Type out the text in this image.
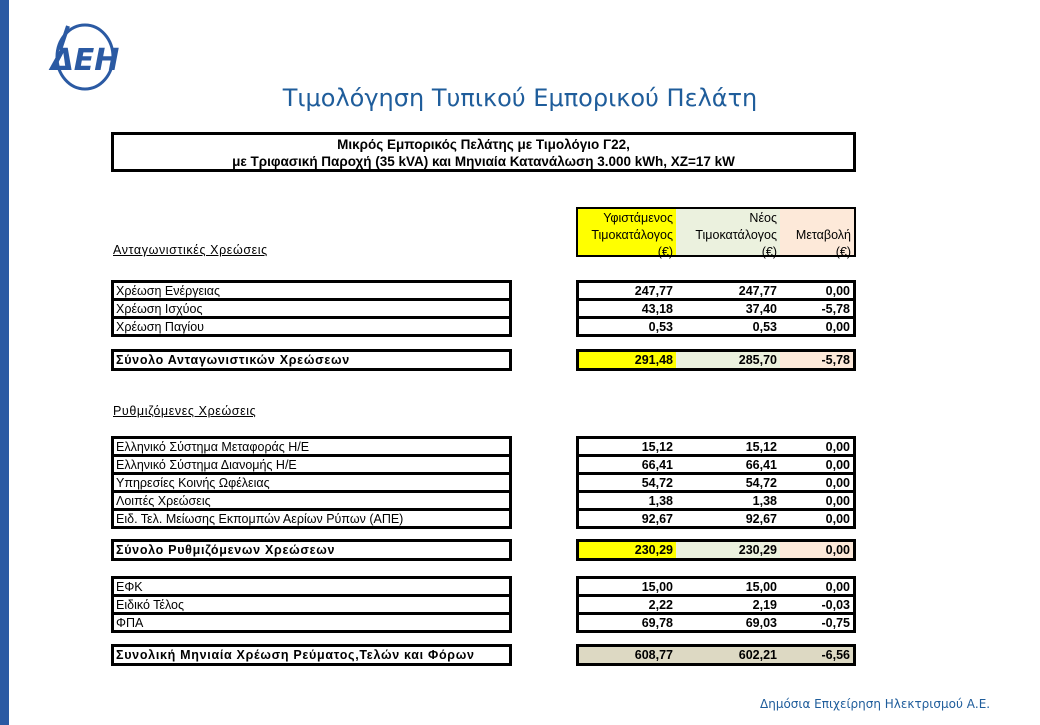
ΔΕΗ
Τιμολόγηση Τυπικού Εμπορικού Πελάτη
Μικρός Εμπορικός Πελάτης με Τιμολόγιο Γ22,
με Τριφασική Παροχή (35 kVA) και Μηνιαία Κατανάλωση 3.000 kWh, XZ=17 kW
Υφιστάμενος
Τιμοκατάλογος
(€)
Νέος
Τιμοκατάλογος
(€)
Μεταβολή
(€)
Ανταγωνιστικές Χρεώσεις
Χρέωση Ενέργειας	247,77	247,77	0,00
Χρέωση Ισχύος	43,18	37,40	-5,78
Χρέωση Παγίου	0,53	0,53	0,00
Σύνολο Ανταγωνιστικών Χρεώσεων	291,48	285,70	-5,78
Ρυθμιζόμενες Χρεώσεις
Ελληνικό Σύστημα Μεταφοράς Η/Ε	15,12	15,12	0,00
Ελληνικό Σύστημα Διανομής Η/Ε	66,41	66,41	0,00
Υπηρεσίες Κοινής Ωφέλειας	54,72	54,72	0,00
Λοιπές Χρεώσεις	1,38	1,38	0,00
Ειδ. Τελ. Μείωσης Εκπομπών Αερίων Ρύπων (ΑΠΕ)	92,67	92,67	0,00
Σύνολο Ρυθμιζόμενων Χρεώσεων	230,29	230,29	0,00
ΕΦΚ	15,00	15,00	0,00
Ειδικό Τέλος	2,22	2,19	-0,03
ΦΠΑ	69,78	69,03	-0,75
Συνολική Μηνιαία Χρέωση Ρεύματος,Τελών και Φόρων	608,77	602,21	-6,56
Δημόσια Επιχείρηση Ηλεκτρισμού Α.Ε.
